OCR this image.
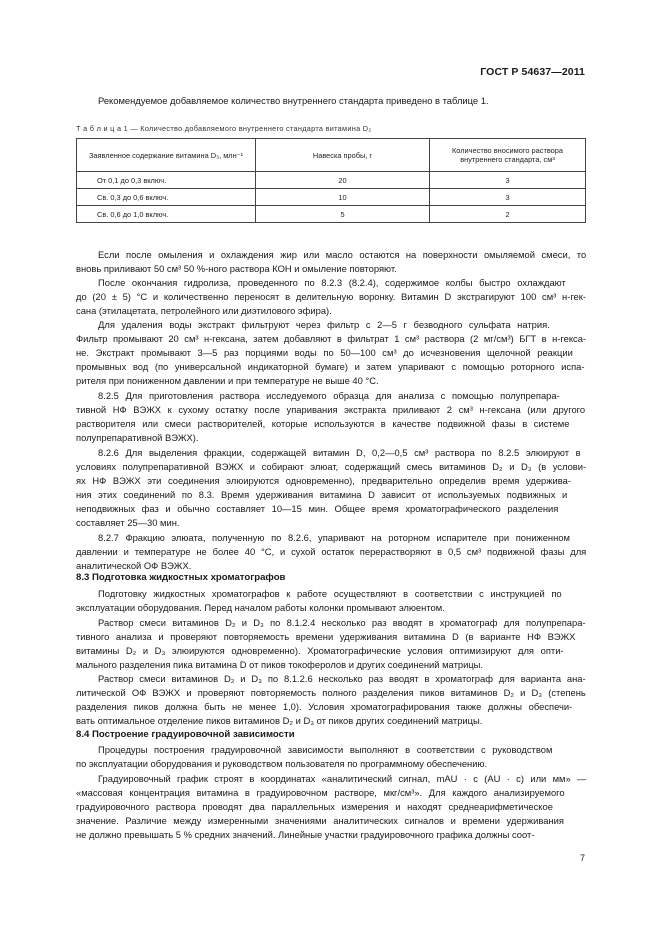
ГОСТ Р 54637—2011
Рекомендуемое добавляемое количество внутреннего стандарта приведено в таблице 1.
Т а б л и ц а 1 — Количество добавляемого внутреннего стандарта витамина D₂
Заявленное содержание витамина D₃, млн⁻¹	Навеска пробы, г	Количество вносимого раствора внутреннего стандарта, см³
От 0,1 до 0,3 включ.	20	3
Св. 0,3 до 0,6 включ.	10	3
Св. 0,6 до 1,0 включ.	5	2
Если после омыления и охлаждения жир или масло остаются на поверхности омыляемой смеси, то
вновь приливают 50 см³ 50 %-ного раствора КОН и омыление повторяют.
После окончания гидролиза, проведенного по 8.2.3 (8.2.4), содержимое колбы быстро охлаждают
до (20 ± 5) °С и количественно переносят в делительную воронку. Витамин D экстрагируют 100 см³ н-гек-
сана (этилацетата, петролейного или диэтилового эфира).
Для удаления воды экстракт фильтруют через фильтр с 2—5 г безводного сульфата натрия.
Фильтр промывают 20 см³ н-гексана, затем добавляют в фильтрат 1 см³ раствора (2 мг/см³) БГТ в н-гекса-
не. Экстракт промывают 3—5 раз порциями воды по 50—100 см³ до исчезновения щелочной реакции
промывных вод (по универсальной индикаторной бумаге) и затем упаривают с помощью роторного испа-
рителя при пониженном давлении и при температуре не выше 40 °С.
8.2.5 Для приготовления раствора исследуемого образца для анализа с помощью полупрепара-
тивной НФ ВЭЖХ к сухому остатку после упаривания экстракта приливают 2 см³ н-гексана (или другого
растворителя или смеси растворителей, которые используются в качестве подвижной фазы в системе
полупрепаративной ВЭЖХ).
8.2.6 Для выделения фракции, содержащей витамин D, 0,2—0,5 см³ раствора по 8.2.5 элюируют в
условиях полупрепаративной ВЭЖХ и собирают элюат, содержащий смесь витаминов D₂ и D₃ (в услови-
ях НФ ВЭЖХ эти соединения элюируются одновременно), предварительно определив время удержива-
ния этих соединений по 8.3. Время удерживания витамина D зависит от используемых подвижных и
неподвижных фаз и обычно составляет 10—15 мин. Общее время хроматографического разделения
составляет 25—30 мин.
8.2.7 Фракцию элюата, полученную по 8.2.6, упаривают на роторном испарителе при пониженном
давлении и температуре не более 40 °С, и сухой остаток перерастворяют в 0,5 см³ подвижной фазы для
аналитической ОФ ВЭЖХ.
8.3 Подготовка жидкостных хроматографов
Подготовку жидкостных хроматографов к работе осуществляют в соответствии с инструкцией по
эксплуатации оборудования. Перед началом работы колонки промывают элюентом.
Раствор смеси витаминов D₂ и D₃ по 8.1.2.4 несколько раз вводят в хроматограф для полупрепара-
тивного анализа и проверяют повторяемость времени удерживания витамина D (в варианте НФ ВЭЖХ
витамины D₂ и D₃ элюируются одновременно). Хроматографические условия оптимизируют для опти-
мального разделения пика витамина D от пиков токоферолов и других соединений матрицы.
Раствор смеси витаминов D₂ и D₃ по 8.1.2.6 несколько раз вводят в хроматограф для варианта ана-
литической ОФ ВЭЖХ и проверяют повторяемость полного разделения пиков витаминов D₂ и D₃ (степень
разделения пиков должна быть не менее 1,0). Условия хроматографирования также должны обеспечи-
вать оптимальное отделение пиков витаминов D₂ и D₃ от пиков других соединений матрицы.
8.4 Построение градуировочной зависимости
Процедуры построения градуировочной зависимости выполняют в соответствии с руководством
по эксплуатации оборудования и руководством пользователя по программному обеспечению.
Градуировочный график строят в координатах «аналитический сигнал, mAU · с (AU · с) или мм» —
«массовая концентрация витамина в градуировочном растворе, мкг/см³». Для каждого анализируемого
градуировочного раствора проводят два параллельных измерения и находят среднеарифметическое
значение. Различие между измеренными значениями аналитических сигналов и времени удерживания
не должно превышать 5 % средних значений. Линейные участки градуировочного графика должны соот-
7
